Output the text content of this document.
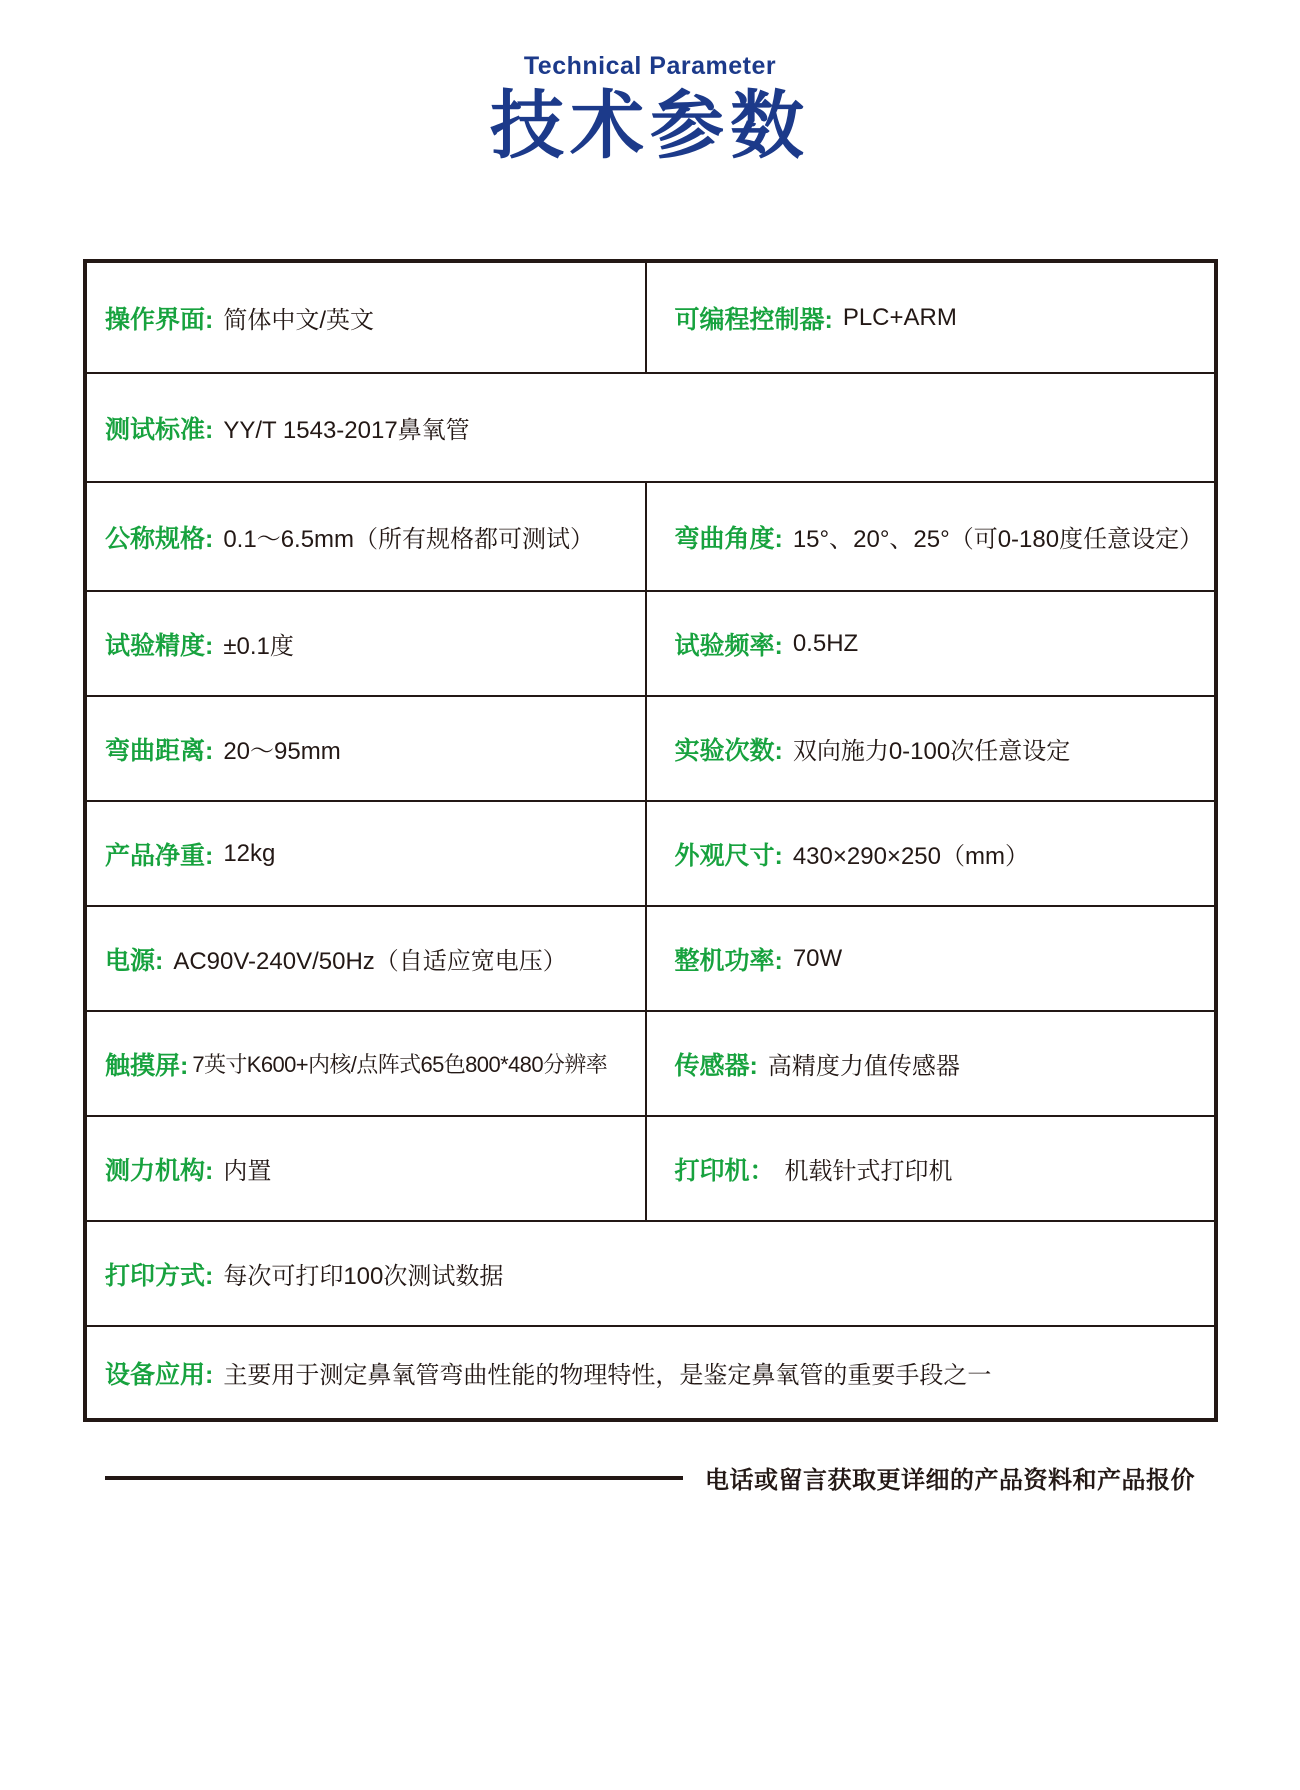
Technical Parameter
技术参数
操作界面: 简体中文/英文	可编程控制器: PLC+ARM
测试标准: YY/T 1543-2017鼻氧管
公称规格: 0.1～6.5mm（所有规格都可测试）	弯曲角度: 15°、20°、25°（可0-180度任意设定）
试验精度: ±0.1度	试验频率: 0.5HZ
弯曲距离: 20～95mm	实验次数: 双向施力0-100次任意设定
产品净重: 12kg	外观尺寸: 430×290×250（mm）
电源: AC90V-240V/50Hz（自适应宽电压）	整机功率: 70W
触摸屏: 7英寸K600+内核/点阵式65色800*480分辨率	传感器: 高精度力值传感器
测力机构: 内置	打印机： 机载针式打印机
打印方式: 每次可打印100次测试数据
设备应用: 主要用于测定鼻氧管弯曲性能的物理特性，是鉴定鼻氧管的重要手段之一
电话或留言获取更详细的产品资料和产品报价
